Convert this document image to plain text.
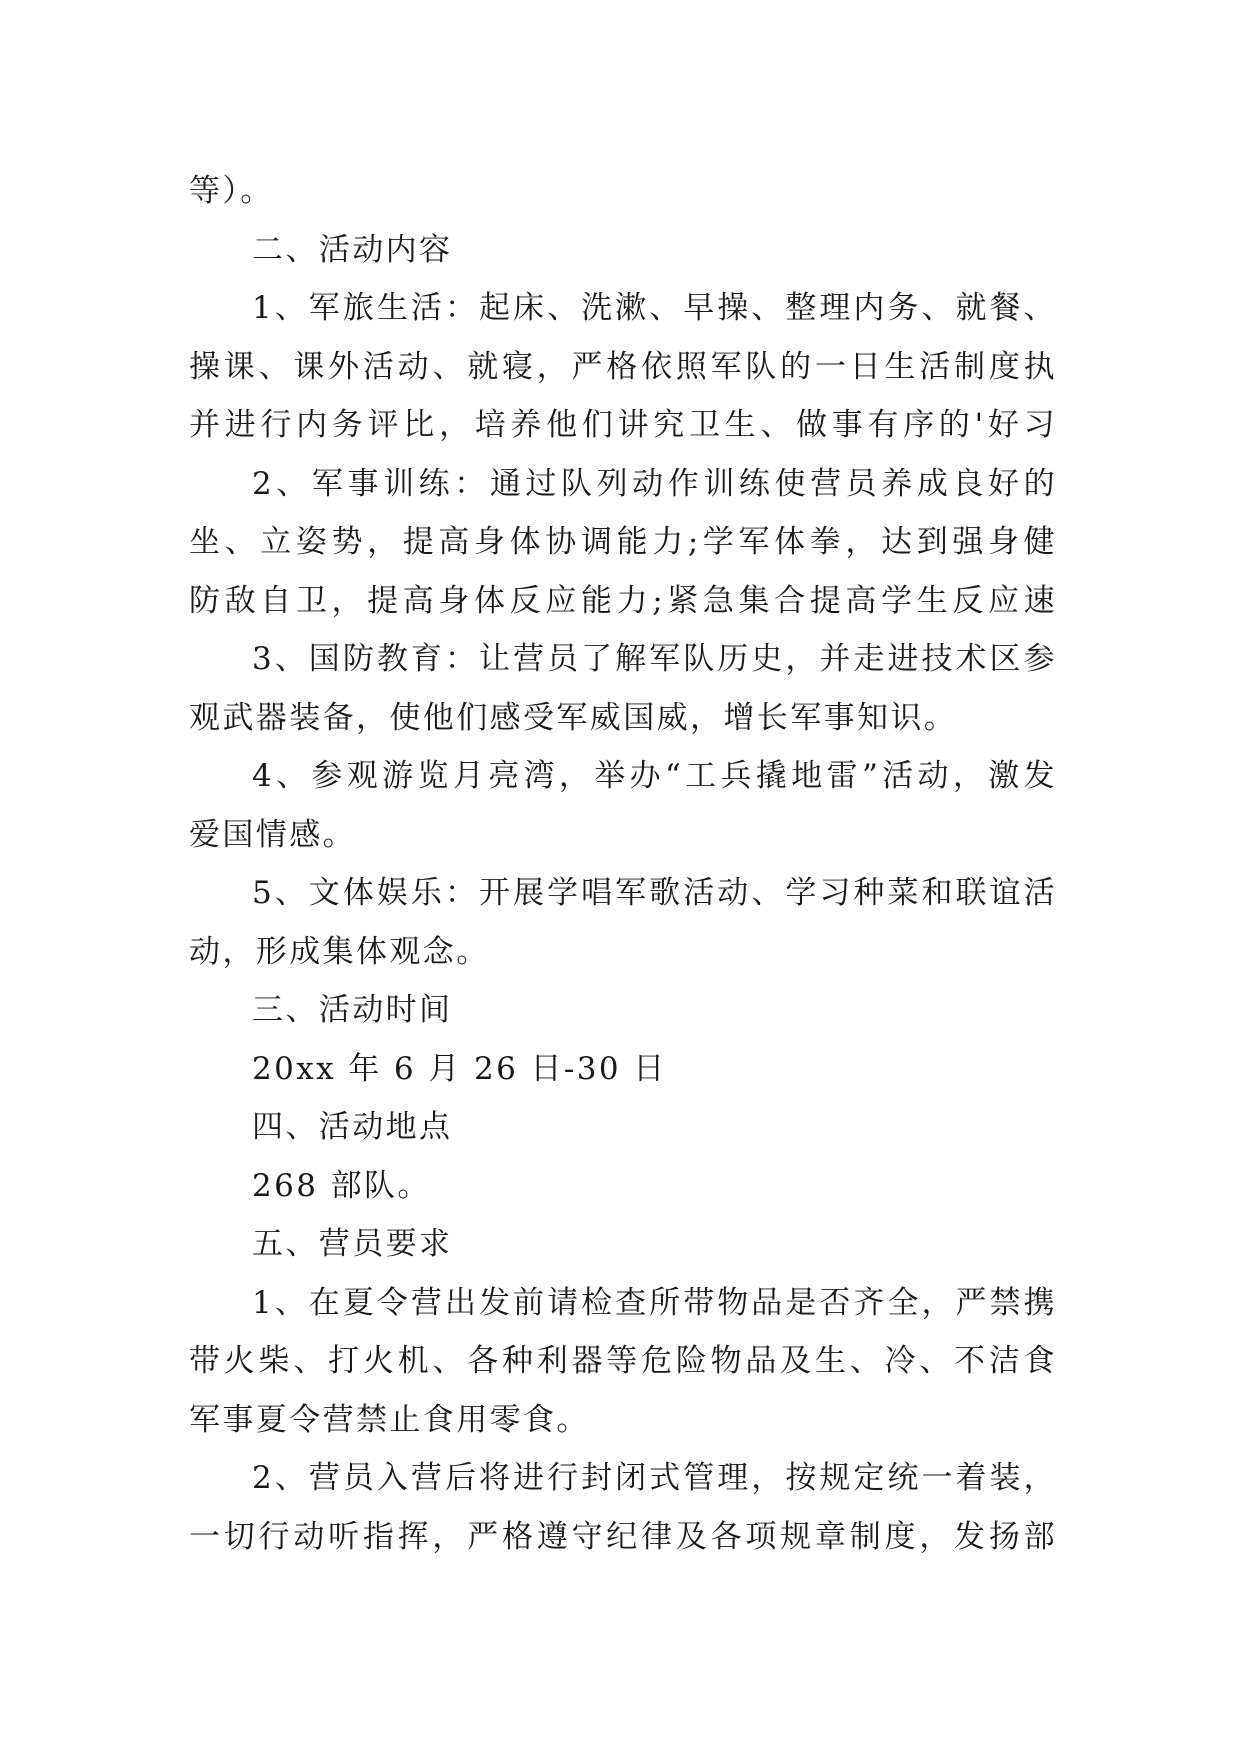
等）。
二、活动内容
1、军旅生活：起床、洗漱、早操、整理内务、就餐、
操课、课外活动、就寝，严格依照军队的一日生活制度执
并进行内务评比，培养他们讲究卫生、做事有序的'好习
2、军事训练：通过队列动作训练使营员养成良好的
坐、立姿势，提高身体协调能力;学军体拳，达到强身健
防敌自卫，提高身体反应能力;紧急集合提高学生反应速
3、国防教育：让营员了解军队历史，并走进技术区参
观武器装备，使他们感受军威国威，增长军事知识。
4、参观游览月亮湾，举办“工兵撬地雷”活动，激发
爱国情感。
5、文体娱乐：开展学唱军歌活动、学习种菜和联谊活
动，形成集体观念。
三、活动时间
20xx 年 6 月 26 日-30 日
四、活动地点
268 部队。
五、营员要求
1、在夏令营出发前请检查所带物品是否齐全，严禁携
带火柴、打火机、各种利器等危险物品及生、冷、不洁食
军事夏令营禁止食用零食。
2、营员入营后将进行封闭式管理，按规定统一着装，
一切行动听指挥，严格遵守纪律及各项规章制度，发扬部
